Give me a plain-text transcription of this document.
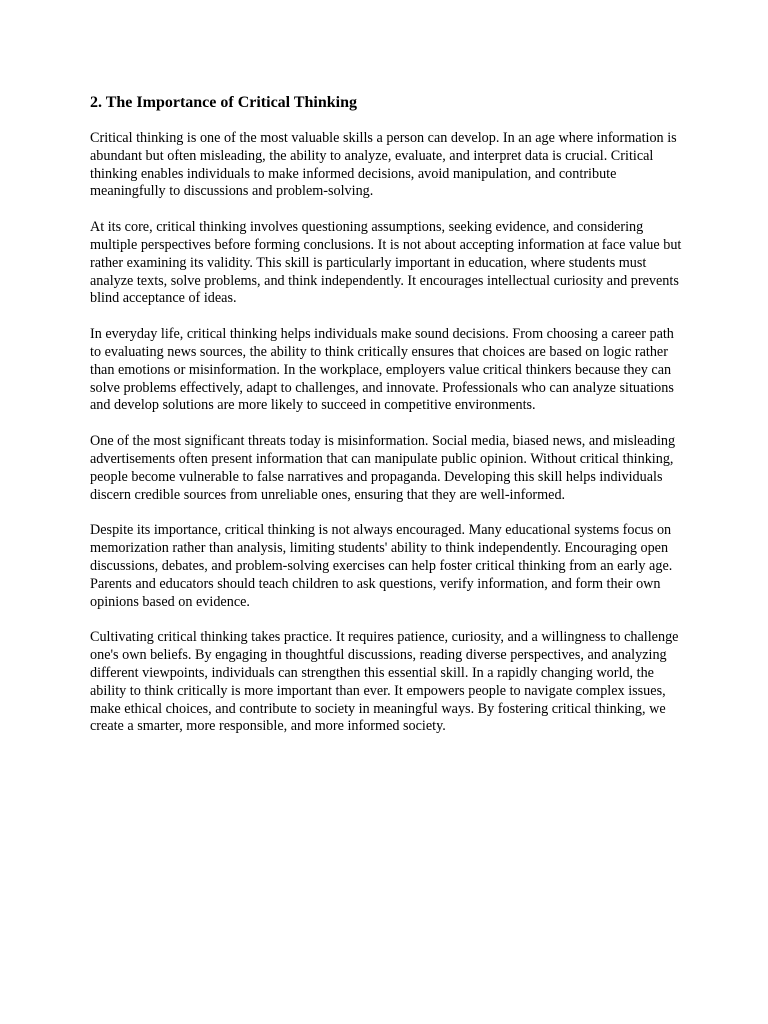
2. The Importance of Critical Thinking

Critical thinking is one of the most valuable skills a person can develop. In an age where information is abundant but often misleading, the ability to analyze, evaluate, and interpret data is crucial. Critical thinking enables individuals to make informed decisions, avoid manipulation, and contribute meaningfully to discussions and problem-solving.

At its core, critical thinking involves questioning assumptions, seeking evidence, and considering multiple perspectives before forming conclusions. It is not about accepting information at face value but rather examining its validity. This skill is particularly important in education, where students must analyze texts, solve problems, and think independently. It encourages intellectual curiosity and prevents blind acceptance of ideas.

In everyday life, critical thinking helps individuals make sound decisions. From choosing a career path to evaluating news sources, the ability to think critically ensures that choices are based on logic rather than emotions or misinformation. In the workplace, employers value critical thinkers because they can solve problems effectively, adapt to challenges, and innovate. Professionals who can analyze situations and develop solutions are more likely to succeed in competitive environments.

One of the most significant threats today is misinformation. Social media, biased news, and misleading advertisements often present information that can manipulate public opinion. Without critical thinking, people become vulnerable to false narratives and propaganda. Developing this skill helps individuals discern credible sources from unreliable ones, ensuring that they are well-informed.

Despite its importance, critical thinking is not always encouraged. Many educational systems focus on memorization rather than analysis, limiting students' ability to think independently. Encouraging open discussions, debates, and problem-solving exercises can help foster critical thinking from an early age. Parents and educators should teach children to ask questions, verify information, and form their own opinions based on evidence.

Cultivating critical thinking takes practice. It requires patience, curiosity, and a willingness to challenge one's own beliefs. By engaging in thoughtful discussions, reading diverse perspectives, and analyzing different viewpoints, individuals can strengthen this essential skill. In a rapidly changing world, the ability to think critically is more important than ever. It empowers people to navigate complex issues, make ethical choices, and contribute to society in meaningful ways. By fostering critical thinking, we create a smarter, more responsible, and more informed society.
